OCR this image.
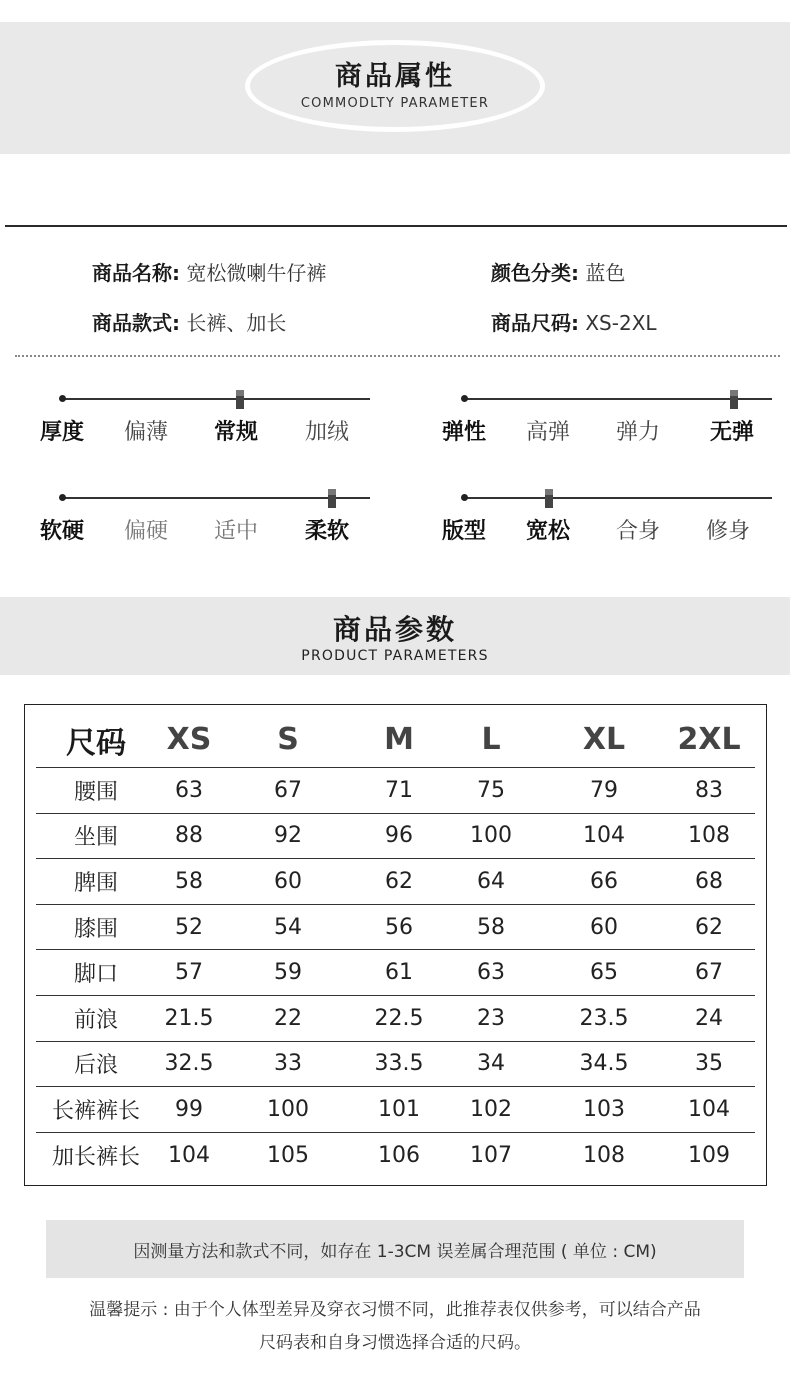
商品属性
COMMODLTY PARAMETER
商品名称: 宽松微喇牛仔裤	颜色分类: 蓝色
商品款式: 长裤、加长	商品尺码: XS-2XL
厚度 偏薄 常规 加绒	弹性 高弹 弹力 无弹
软硬 偏硬 适中 柔软	版型 宽松 合身 修身
商品参数
PRODUCT PARAMETERS
尺码	XS	S	M	L	XL	2XL
腰围	63	67	71	75	79	83
坐围	88	92	96	100	104	108
脾围	58	60	62	64	66	68
膝围	52	54	56	58	60	62
脚口	57	59	61	63	65	67
前浪	21.5	22	22.5	23	23.5	24
后浪	32.5	33	33.5	34	34.5	35
长裤裤长	99	100	101	102	103	104
加长裤长	104	105	106	107	108	109
因测量方法和款式不同，如存在 1-3CM 误差属合理范围 ( 单位 : CM)
温馨提示 : 由于个人体型差异及穿衣习惯不同，此推荐表仅供参考，可以结合产品
尺码表和自身习惯选择合适的尺码。
